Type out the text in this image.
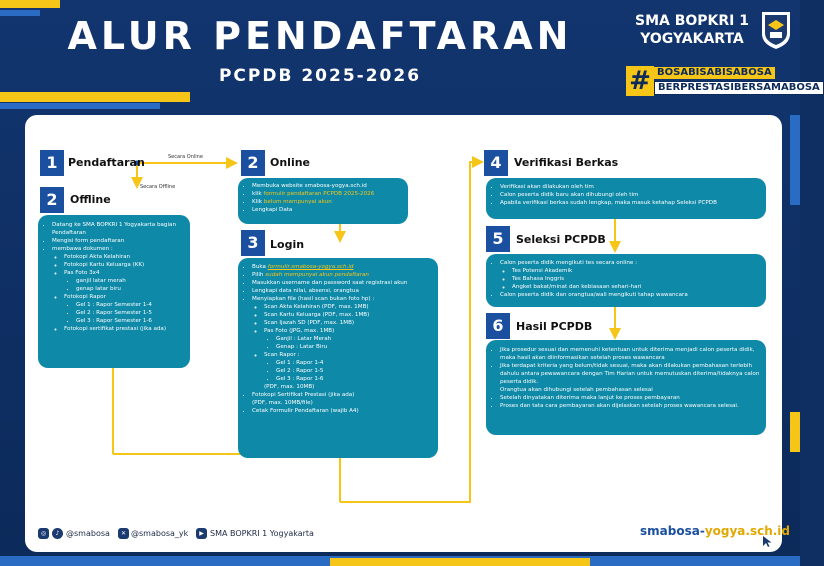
ALUR PENDAFTARAN
PCPDB 2025-2026
SMA BOPKRI 1
YOGYAKARTA
# BOSABISABISABOSA
BERPRESTASIBERSAMABOSA
Secara Online
Secara Offline
1 Pendaftaran	2	Online
• Membuka website smabosa-yogya.sch.id
• klik formulir pendaftaran PCPDB 2025-2026
• Klik belum mempunyai akun
• Lengkapi Data
2	Offline
• Datang ke SMA BOPKRI 1 Yogyakarta bagian Pendaftaran
• Mengisi form pendaftaran
• membawa dokumen :
◦ Fotokopi Akta Kelahiran
◦ Fotokopi Kartu Keluarga (KK)
◦ Pas Foto 3x4
▪ ganjil latar merah
▪ genap latar biru
◦ Fotokopi Rapor
▪ Gel 1 : Rapor Semester 1-4
▪ Gel 2 : Rapor Semester 1-5
▪ Gel 3 : Rapor Semester 1-6
◦ Fotokopi sertifikat prestasi (jika ada)
3	Login
• Buka formulir.smabosa-yogya.sch.id
• Pilih sudah mempunyai akun pendaftaran
• Masukkan username dan password saat registrasi akun
• Lengkapi data nilai, absensi, orangtua
• Menyiapkan file (hasil scan bukan foto hp) :
◦ Scan Akta Kelahiran (PDF, max. 1MB)
◦ Scan Kartu Keluarga (PDF, max. 1MB)
◦ Scan Ijazah SD (PDF, max. 1MB)
◦ Pas Foto (JPG, max. 1MB)
▪ Ganjil : Latar Merah
▪ Genap : Latar Biru
◦ Scan Rapor :
▪ Gel 1 : Rapor 1-4
▪ Gel 2 : Rapor 1-5
▪ Gel 3 : Rapor 1-6
(PDF, max. 10MB)
• Fotokopi Sertifikat Prestasi (jika ada)
(PDF, max. 10MB/file)
• Cetak Formulir Pendaftaran (wajib A4)
4	Verifikasi Berkas
• Verifikasi akan dilakukan oleh tim
• Calon peserta didik baru akan dihubungi oleh tim
• Apabila verifikasi berkas sudah lengkap, maka masuk ketahap Seleksi PCPDB
5	Seleksi PCPDB
• Calon peserta didik mengikuti tes secara online :
◦ Tes Potensi Akademik
◦ Tes Bahasa Inggris
◦ Angket bakat/minat dan kebiasaan sehari-hari
• Calon peserta didik dan orangtua/wali mengikuti tahap wawancara
6	Hasil PCPDB
• Jika prosedur sesuai dan memenuhi ketentuan untuk diterima menjadi calon peserta didik, maka hasil akan diinformasikan setelah proses wawancara
• Jika terdapat kriteria yang belum/tidak sesuai, maka akan dilakukan pembahasan terlebih dahulu antara pewawancara dengan Tim Harian untuk memutuskan diterima/tidaknya calon peserta didik.
Orangtua akan dihubungi setelah pembahasan selesai
• Setelah dinyatakan diterima maka lanjut ke proses pembayaran
• Proses dan tata cara pembayaran akan dijelaskan setelah proses wawancara selesai.
◎	♪ @smabosa	✕ @smabosa_yk	▶ SMA BOPKRI 1 Yogyakarta	smabosa-yogya.sch.id
